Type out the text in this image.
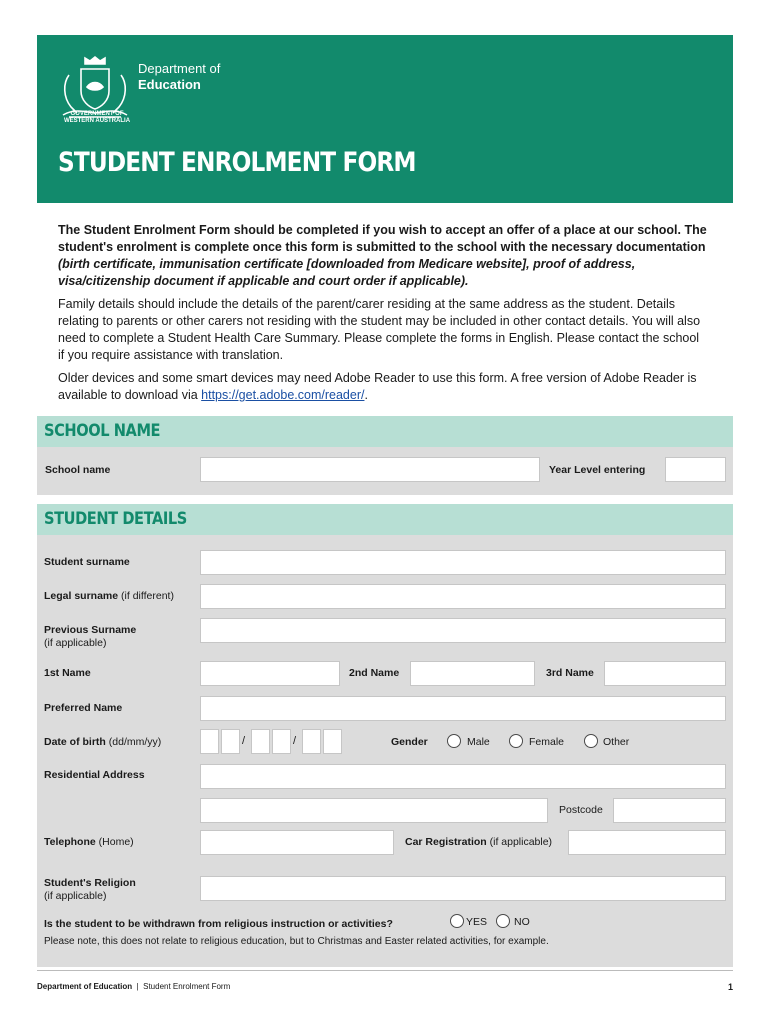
Department of
Education
GOVERNMENT OF
WESTERN AUSTRALIA
STUDENT ENROLMENT FORM

The Student Enrolment Form should be completed if you wish to accept an offer of a place at our school. The student's enrolment is complete once this form is submitted to the school with the necessary documentation (birth certificate, immunisation certificate [downloaded from Medicare website], proof of address, visa/citizenship document if applicable and court order if applicable).

Family details should include the details of the parent/carer residing at the same address as the student. Details relating to parents or other carers not residing with the student may be included in other contact details. You will also need to complete a Student Health Care Summary. Please complete the forms in English. Please contact the school if you require assistance with translation.

Older devices and some smart devices may need Adobe Reader to use this form. A free version of Adobe Reader is available to download via https://get.adobe.com/reader/.

SCHOOL NAME
School name	Year Level entering
STUDENT DETAILS
Student surname
Legal surname (if different)
Previous Surname
(if applicable)
1st Name	2nd Name	3rd Name
Preferred Name
Date of birth (dd/mm/yy)	/	/	Gender	Male	Female	Other
Residential Address
Postcode
Telephone (Home)	Car Registration (if applicable)
Student's Religion
(if applicable)
Is the student to be withdrawn from religious instruction or activities?	YES	NO
Please note, this does not relate to religious education, but to Christmas and Easter related activities, for example.
Department of Education | Student Enrolment Form	1
